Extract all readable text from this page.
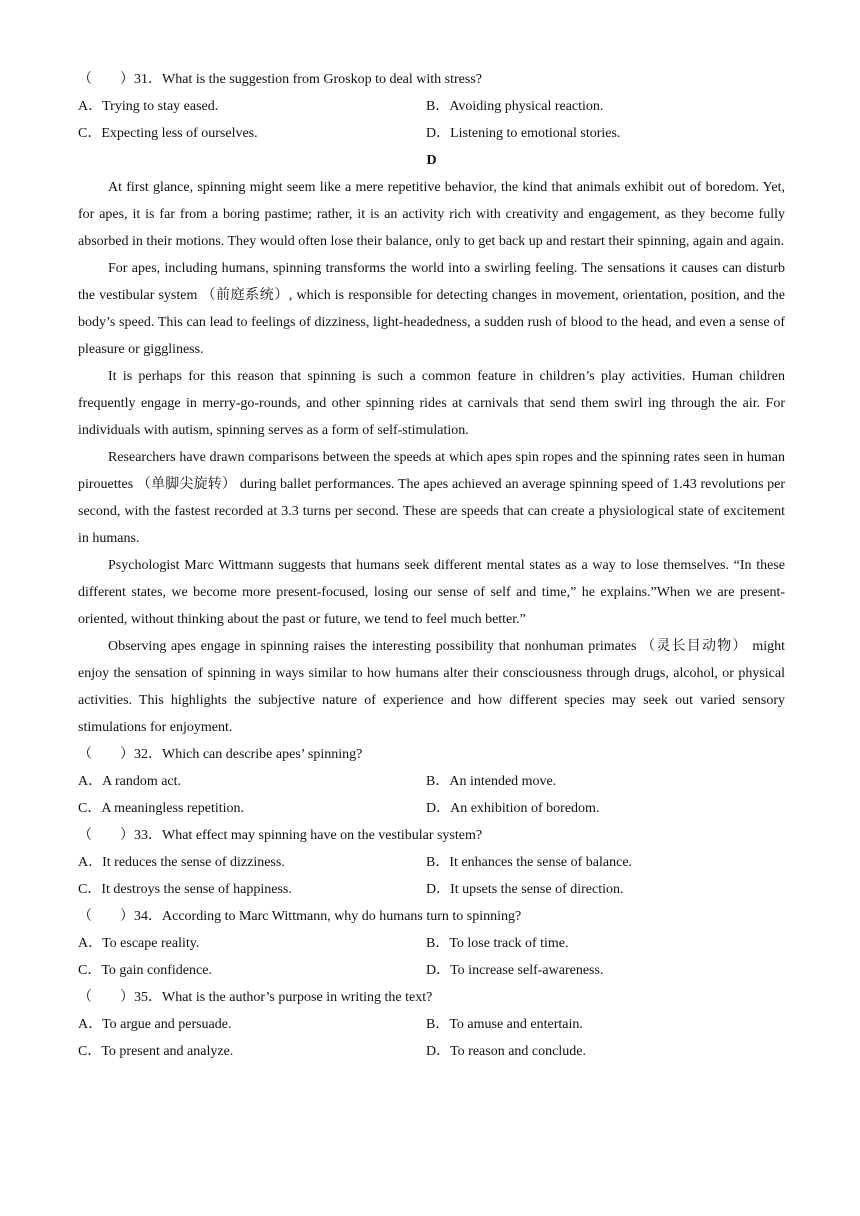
（　　）31．What is the suggestion from Groskop to deal with stress?
A．Trying to stay eased.	B．Avoiding physical reaction.
C．Expecting less of ourselves.	D．Listening to emotional stories.
D

At first glance, spinning might seem like a mere repetitive behavior, the kind that animals exhibit out of boredom. Yet, for apes, it is far from a boring pastime; rather, it is an activity rich with creativity and engagement, as they become fully absorbed in their motions. They would often lose their balance, only to get back up and restart their spinning, again and again.

For apes, including humans, spinning transforms the world into a swirling feeling. The sensations it causes can disturb the vestibular system （前庭系统）, which is responsible for detecting changes in movement, orientation, position, and the body’s speed. This can lead to feelings of dizziness, light-headedness, a sudden rush of blood to the head, and even a sense of pleasure or giggliness.

It is perhaps for this reason that spinning is such a common feature in children’s play activities. Human children frequently engage in merry-go-rounds, and other spinning rides at carnivals that send them swirl ing through the air. For individuals with autism, spinning serves as a form of self-stimulation.

Researchers have drawn comparisons between the speeds at which apes spin ropes and the spinning rates seen in human pirouettes （单脚尖旋转） during ballet performances. The apes achieved an average spinning speed of 1.43 revolutions per second, with the fastest recorded at 3.3 turns per second. These are speeds that can create a physiological state of excitement in humans.

Psychologist Marc Wittmann suggests that humans seek different mental states as a way to lose themselves. “In these different states, we become more present-focused, losing our sense of self and time,” he explains.”When we are present-oriented, without thinking about the past or future, we tend to feel much better.”

Observing apes engage in spinning raises the interesting possibility that nonhuman primates （灵长目动物） might enjoy the sensation of spinning in ways similar to how humans alter their consciousness through drugs, alcohol, or physical activities. This highlights the subjective nature of experience and how different species may seek out varied sensory stimulations for enjoyment.

（　　）32．Which can describe apes’ spinning?
A．A random act.	B．An intended move.
C．A meaningless repetition.	D．An exhibition of boredom.
（　　）33．What effect may spinning have on the vestibular system?
A．It reduces the sense of dizziness.	B．It enhances the sense of balance.
C．It destroys the sense of happiness.	D．It upsets the sense of direction.
（　　）34．According to Marc Wittmann, why do humans turn to spinning?
A．To escape reality.	B．To lose track of time.
C．To gain confidence.	D．To increase self-awareness.
（　　）35．What is the author’s purpose in writing the text?
A．To argue and persuade.	B．To amuse and entertain.
C．To present and analyze.	D．To reason and conclude.
